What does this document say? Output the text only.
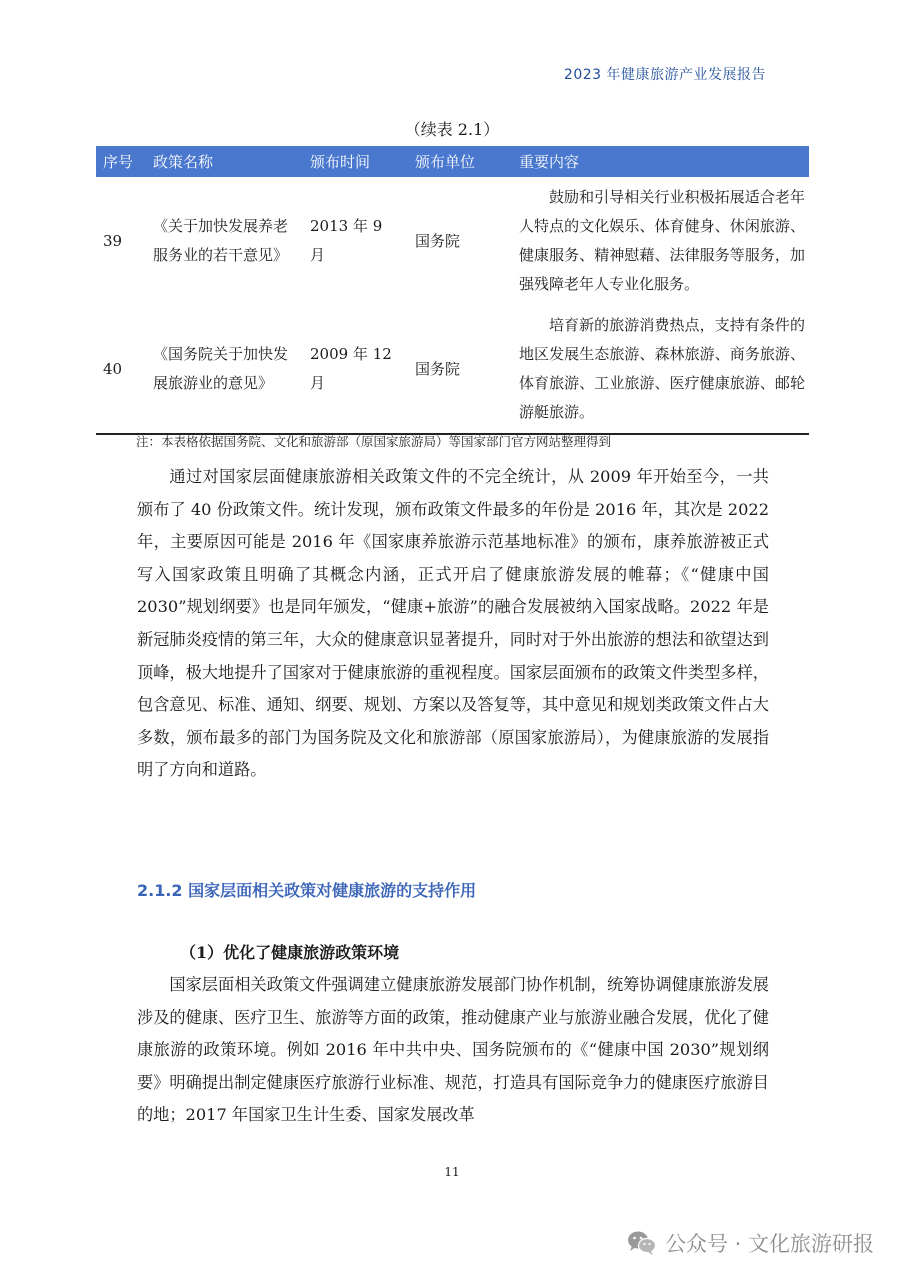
2023 年健康旅游产业发展报告
（续表 2.1）
序号	政策名称	颁布时间	颁布单位	重要内容
39	《关于加快发展养老服务业的若干意见》	2013 年 9 月	国务院	鼓励和引导相关行业积极拓展适合老年人特点的文化娱乐、体育健身、休闲旅游、健康服务、精神慰藉、法律服务等服务，加强残障老年人专业化服务。
40	《国务院关于加快发展旅游业的意见》	2009 年 12 月	国务院	培育新的旅游消费热点，支持有条件的地区发展生态旅游、森林旅游、商务旅游、体育旅游、工业旅游、医疗健康旅游、邮轮游艇旅游。
注：本表格依据国务院、文化和旅游部（原国家旅游局）等国家部门官方网站整理得到

通过对国家层面健康旅游相关政策文件的不完全统计，从 2009 年开始至今，一共颁布了 40 份政策文件。统计发现，颁布政策文件最多的年份是 2016 年，其次是 2022 年，主要原因可能是 2016 年《国家康养旅游示范基地标准》的颁布，康养旅游被正式写入国家政策且明确了其概念内涵，正式开启了健康旅游发展的帷幕；《“健康中国 2030”规划纲要》也是同年颁发，“健康+旅游”的融合发展被纳入国家战略。2022 年是新冠肺炎疫情的第三年，大众的健康意识显著提升，同时对于外出旅游的想法和欲望达到顶峰，极大地提升了国家对于健康旅游的重视程度。国家层面颁布的政策文件类型多样，包含意见、标准、通知、纲要、规划、方案以及答复等，其中意见和规划类政策文件占大多数，颁布最多的部门为国务院及文化和旅游部（原国家旅游局），为健康旅游的发展指明了方向和道路。

2.1.2 国家层面相关政策对健康旅游的支持作用
（1）优化了健康旅游政策环境

国家层面相关政策文件强调建立健康旅游发展部门协作机制，统筹协调健康旅游发展涉及的健康、医疗卫生、旅游等方面的政策，推动健康产业与旅游业融合发展，优化了健康旅游的政策环境。例如 2016 年中共中央、国务院颁布的《“健康中国 2030”规划纲要》明确提出制定健康医疗旅游行业标准、规范，打造具有国际竞争力的健康医疗旅游目的地；2017 年国家卫生计生委、国家发展改革

11
公众号 · 文化旅游研报
